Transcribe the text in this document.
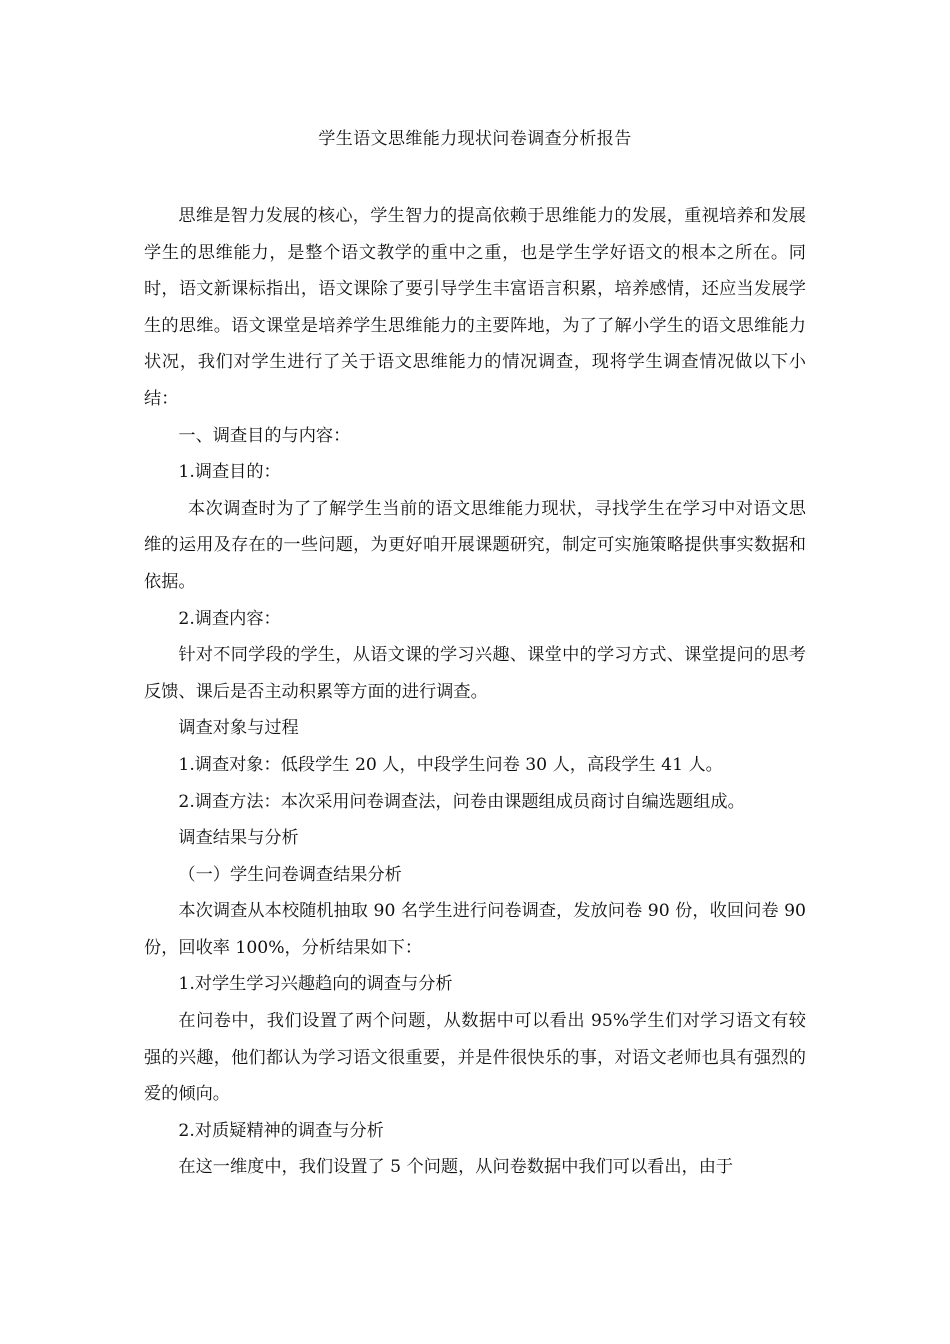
学生语文思维能力现状问卷调查分析报告

思维是智力发展的核心，学生智力的提高依赖于思维能力的发展，重视培养和发展学生的思维能力，是整个语文教学的重中之重，也是学生学好语文的根本之所在。同时，语文新课标指出，语文课除了要引导学生丰富语言积累，培养感情，还应当发展学生的思维。语文课堂是培养学生思维能力的主要阵地，为了了解小学生的语文思维能力状况，我们对学生进行了关于语文思维能力的情况调查，现将学生调查情况做以下小结：

一、调查目的与内容：

1.调查目的：

本次调查时为了了解学生当前的语文思维能力现状，寻找学生在学习中对语文思维的运用及存在的一些问题，为更好咱开展课题研究，制定可实施策略提供事实数据和依据。

2.调查内容：

针对不同学段的学生，从语文课的学习兴趣、课堂中的学习方式、课堂提问的思考反馈、课后是否主动积累等方面的进行调查。

调查对象与过程

1.调查对象：低段学生 20 人，中段学生问卷 30 人，高段学生 41 人。

2.调查方法：本次采用问卷调查法，问卷由课题组成员商讨自编选题组成。

调查结果与分析

（一）学生问卷调查结果分析

本次调查从本校随机抽取 90 名学生进行问卷调查，发放问卷 90 份，收回问卷 90 份，回收率 100%，分析结果如下：

1.对学生学习兴趣趋向的调查与分析

在问卷中，我们设置了两个问题，从数据中可以看出 95%学生们对学习语文有较强的兴趣，他们都认为学习语文很重要，并是件很快乐的事，对语文老师也具有强烈的爱的倾向。

2.对质疑精神的调查与分析

在这一维度中，我们设置了 5 个问题，从问卷数据中我们可以看出，由于
